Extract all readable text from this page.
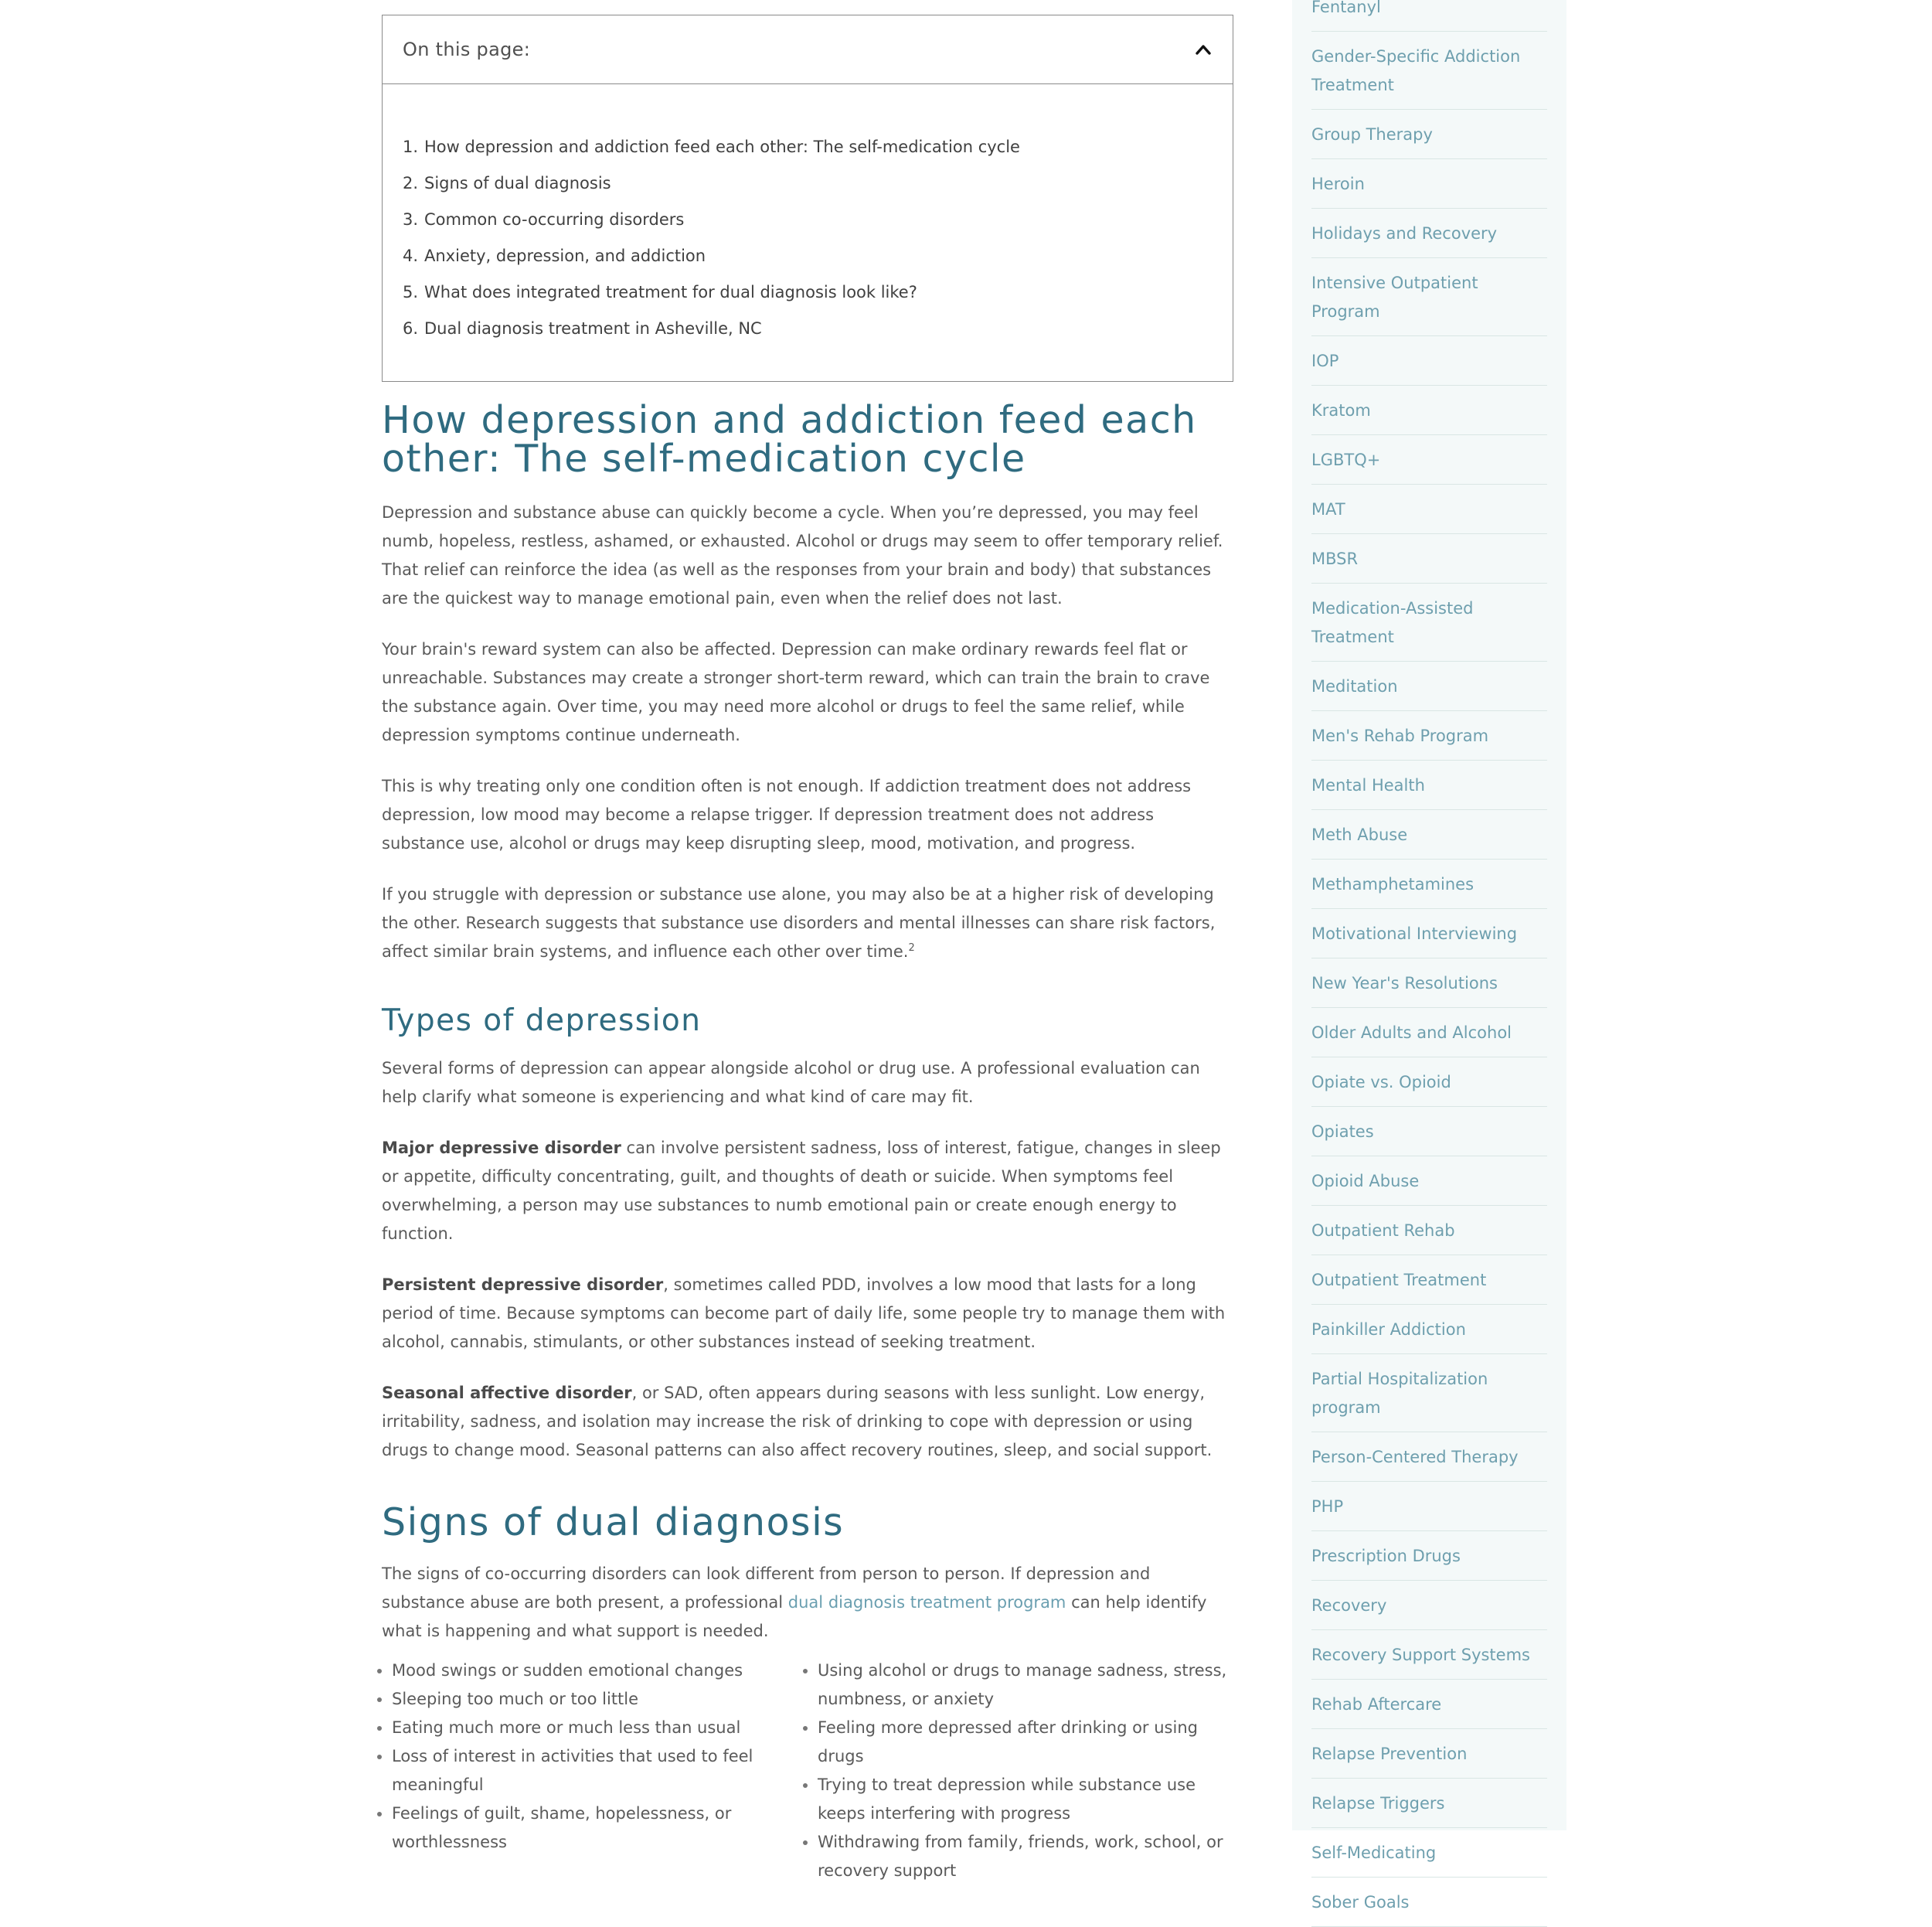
On this page:
1. How depression and addiction feed each other: The self-medication cycle
2. Signs of dual diagnosis
3. Common co-occurring disorders
4. Anxiety, depression, and addiction
5. What does integrated treatment for dual diagnosis look like?
6. Dual diagnosis treatment in Asheville, NC
How depression and addiction feed each other: The self-medication cycle

Depression and substance abuse can quickly become a cycle. When you’re depressed, you may feel numb, hopeless, restless, ashamed, or exhausted. Alcohol or drugs may seem to offer temporary relief. That relief can reinforce the idea (as well as the responses from your brain and body) that substances are the quickest way to manage emotional pain, even when the relief does not last.

Your brain's reward system can also be affected. Depression can make ordinary rewards feel flat or unreachable. Substances may create a stronger short-term reward, which can train the brain to crave the substance again. Over time, you may need more alcohol or drugs to feel the same relief, while depression symptoms continue underneath.

This is why treating only one condition often is not enough. If addiction treatment does not address depression, low mood may become a relapse trigger. If depression treatment does not address substance use, alcohol or drugs may keep disrupting sleep, mood, motivation, and progress.

If you struggle with depression or substance use alone, you may also be at a higher risk of developing the other. Research suggests that substance use disorders and mental illnesses can share risk factors, affect similar brain systems, and influence each other over time.$^2$

Types of depression

Several forms of depression can appear alongside alcohol or drug use. A professional evaluation can help clarify what someone is experiencing and what kind of care may fit.

Major depressive disorder can involve persistent sadness, loss of interest, fatigue, changes in sleep or appetite, difficulty concentrating, guilt, and thoughts of death or suicide. When symptoms feel overwhelming, a person may use substances to numb emotional pain or create enough energy to function.

Persistent depressive disorder, sometimes called PDD, involves a low mood that lasts for a long period of time. Because symptoms can become part of daily life, some people try to manage them with alcohol, cannabis, stimulants, or other substances instead of seeking treatment.

Seasonal affective disorder, or SAD, often appears during seasons with less sunlight. Low energy, irritability, sadness, and isolation may increase the risk of drinking to cope with depression or using drugs to change mood. Seasonal patterns can also affect recovery routines, sleep, and social support.

Signs of dual diagnosis

The signs of co-occurring disorders can look different from person to person. If depression and substance abuse are both present, a professional dual diagnosis treatment program can help identify what is happening and what support is needed.

Mood swings or sudden emotional changes
Sleeping too much or too little
Eating much more or much less than usual
Loss of interest in activities that used to feel meaningful
Feelings of guilt, shame, hopelessness, or worthlessness
Using alcohol or drugs to manage sadness, stress, numbness, or anxiety
Feeling more depressed after drinking or using drugs
Trying to treat depression while substance use keeps interfering with progress
Withdrawing from family, friends, work, school, or recovery support
Fentanyl
Gender-Specific Addiction Treatment
Group Therapy
Heroin
Holidays and Recovery
Intensive Outpatient Program
IOP
Kratom
LGBTQ+
MAT
MBSR
Medication-Assisted Treatment
Meditation
Men's Rehab Program
Mental Health
Meth Abuse
Methamphetamines
Motivational Interviewing
New Year's Resolutions
Older Adults and Alcohol
Opiate vs. Opioid
Opiates
Opioid Abuse
Outpatient Rehab
Outpatient Treatment
Painkiller Addiction
Partial Hospitalization program
Person-Centered Therapy
PHP
Prescription Drugs
Recovery
Recovery Support Systems
Rehab Aftercare
Relapse Prevention
Relapse Triggers
Self-Medicating
Sober Goals
